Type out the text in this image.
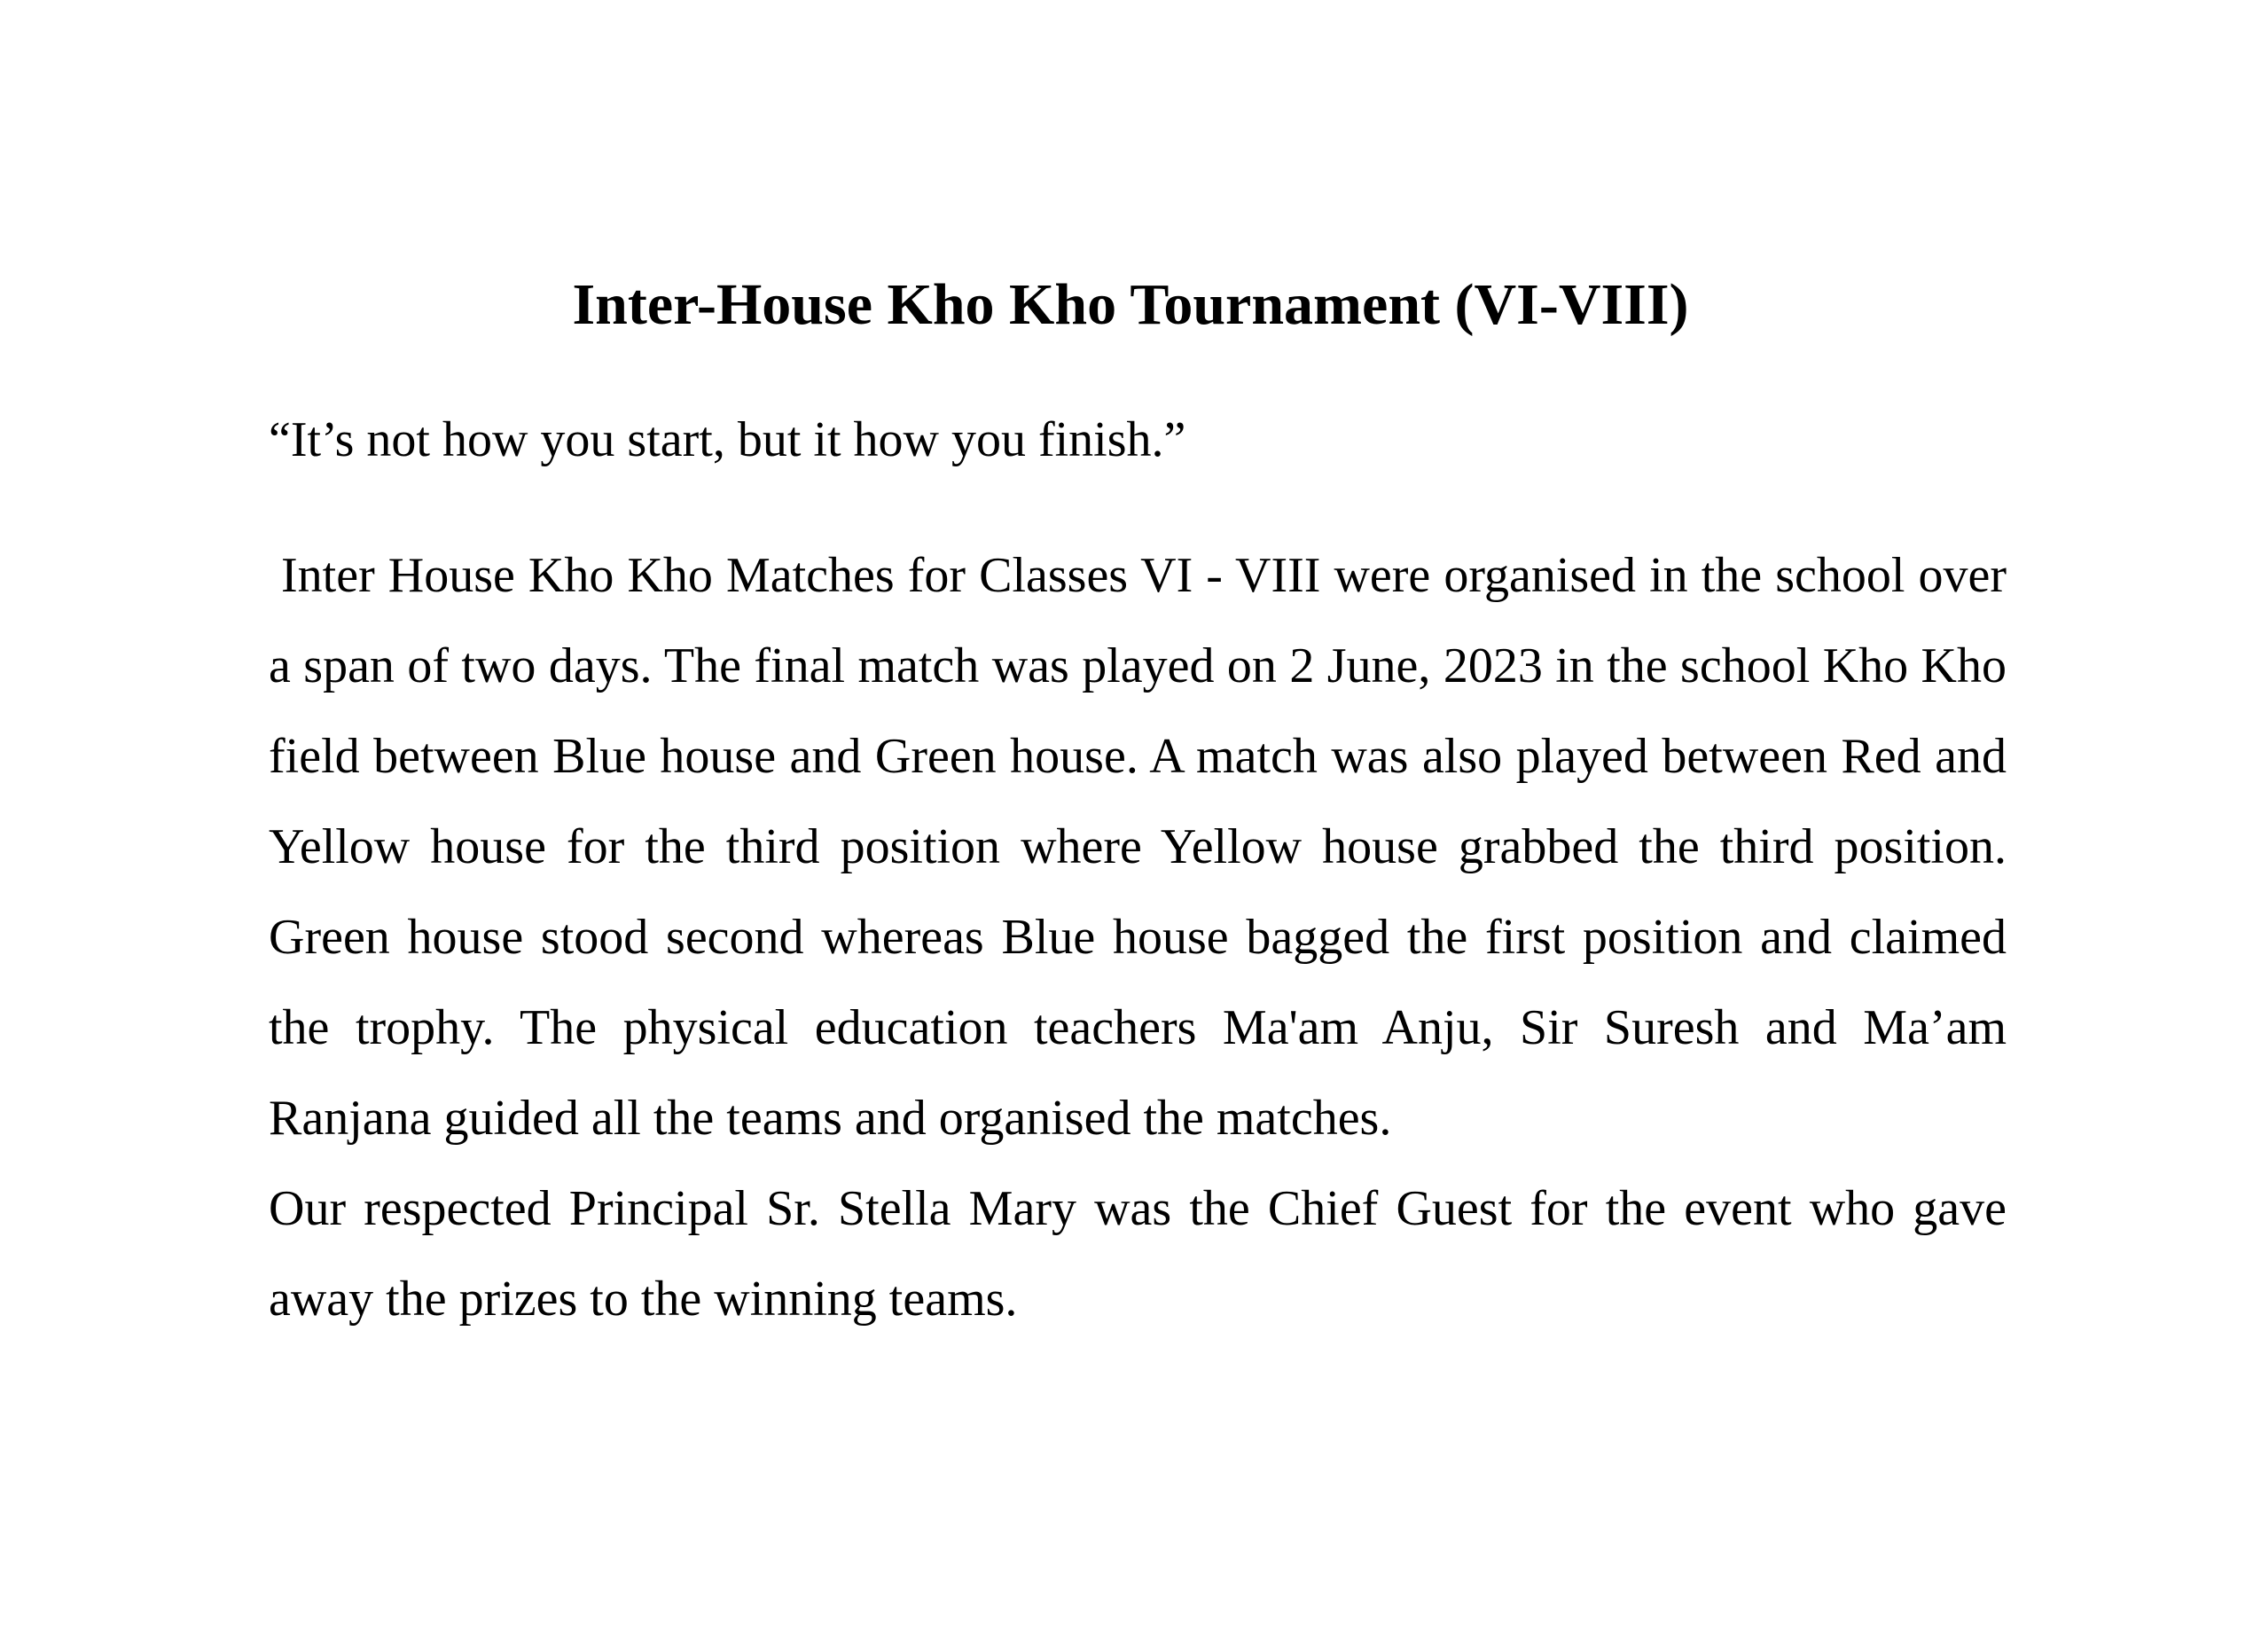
Inter-House Kho Kho Tournament (VI-VIII)

“It’s not how you start, but it how you finish.”

Inter House Kho Kho Matches for Classes VI - VIII were organised in the school over a span of two days. The final match was played on 2 June, 2023 in the school Kho Kho field between Blue house and Green house. A match was also played between Red and Yellow house for the third position where Yellow house grabbed the third position. Green house stood second whereas Blue house bagged the first position and claimed the trophy. The physical education teachers Ma'am Anju, Sir Suresh and Ma’am Ranjana guided all the teams and organised the matches.

Our respected Principal Sr. Stella Mary was the Chief Guest for the event who gave away the prizes to the winning teams.
